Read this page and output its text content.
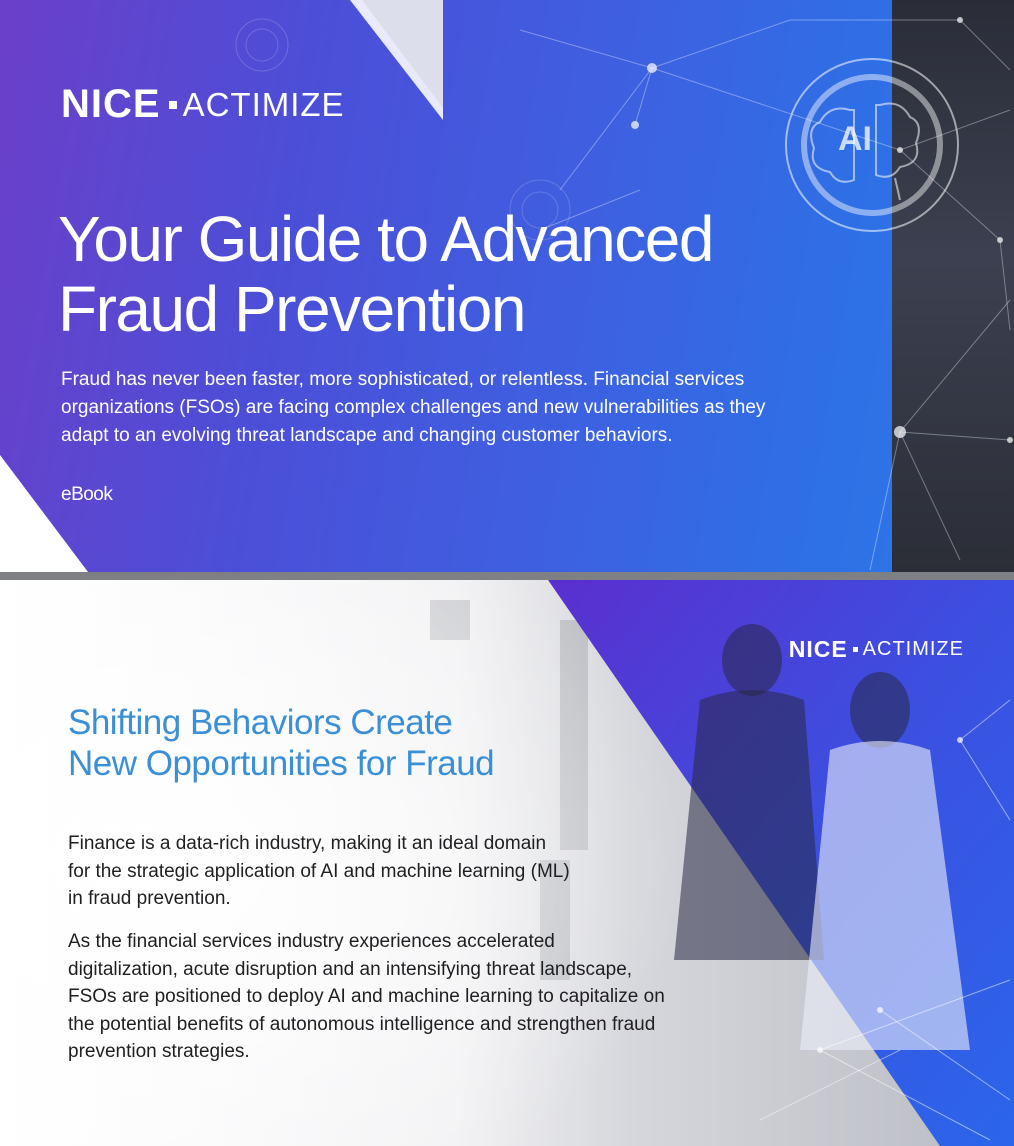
AI
NICE ACTIMIZE
Your Guide to Advanced
Fraud Prevention
Fraud has never been faster, more sophisticated, or relentless. Financial services
organizations (FSOs) are facing complex challenges and new vulnerabilities as they
adapt to an evolving threat landscape and changing customer behaviors.
eBook
NICE ACTIMIZE
Shifting Behaviors Create
New Opportunities for Fraud
Finance is a data-rich industry, making it an ideal domain
for the strategic application of AI and machine learning (ML)
in fraud prevention.
As the financial services industry experiences accelerated
digitalization, acute disruption and an intensifying threat landscape,
FSOs are positioned to deploy AI and machine learning to capitalize on
the potential benefits of autonomous intelligence and strengthen fraud
prevention strategies.
